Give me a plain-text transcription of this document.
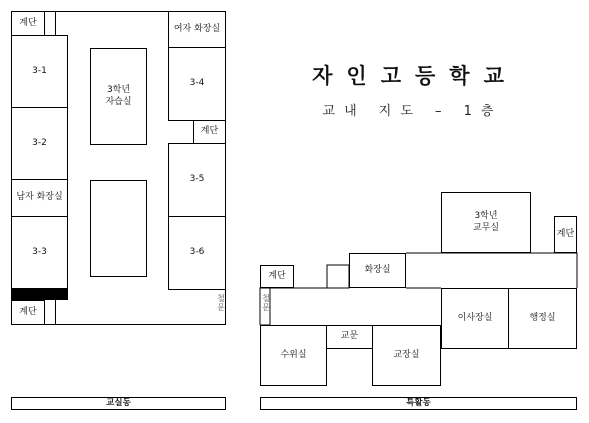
자인고등학교
교내 지도 – 1층
계단
3-1
3-2
남자 화장실
3-3
계단
3학년
자습실
여자 화장실
3-4
계단
3-5
3-6
철문
교실동
3학년
교무실
계단
계단
화장실
이사장실	행정실
수위실
교문
교장실
철문
특활동
